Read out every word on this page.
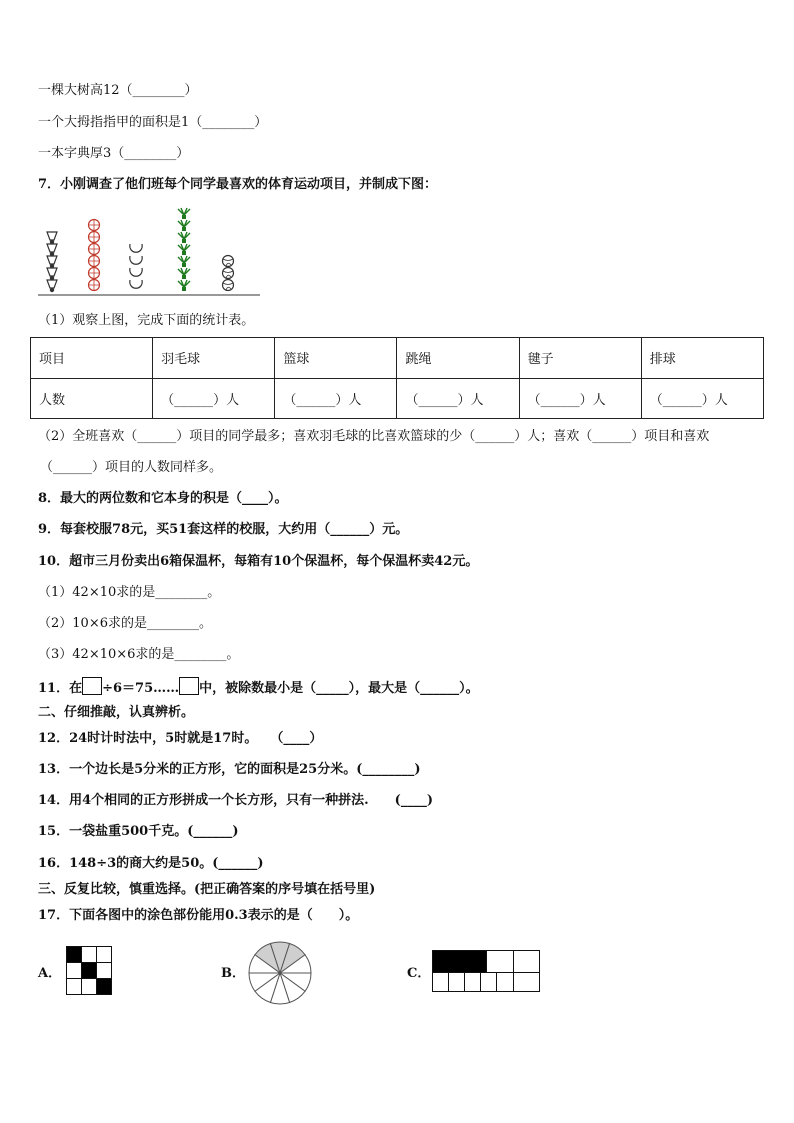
一棵大树高12（________）
一个大拇指指甲的面积是1（________）
一本字典厚3（________）
7．小刚调查了他们班每个同学最喜欢的体育运动项目，并制成下图：
（1）观察上图，完成下面的统计表。
项目	羽毛球	篮球	跳绳	毽子	排球
人数	（______）人	（______）人	（______）人	（______）人	（______）人
（2）全班喜欢（______）项目的同学最多；喜欢羽毛球的比喜欢篮球的少（______）人；喜欢（______）项目和喜欢
（______）项目的人数同样多。
8．最大的两位数和它本身的积是（____）。
9．每套校服78元，买51套这样的校服，大约用（______）元。
10．超市三月份卖出6箱保温杯，每箱有10个保温杯，每个保温杯卖42元。
（1）42×10求的是________。
（2）10×6求的是________。
（3）42×10×6求的是________。
11．在 ÷6＝75…… 中，被除数最小是（_____），最大是（______）。
二、仔细推敲，认真辨析。
12．24时计时法中，5时就是17时。　　（____）
13．一个边长是5分米的正方形，它的面积是25分米。(________)
14．用4个相同的正方形拼成一个长方形，只有一种拼法.　　(____)
15．一袋盐重500千克。(______)
16．148÷3的商大约是50。(______)
三、反复比较，慎重选择。(把正确答案的序号填在括号里)
17．下面各图中的涂色部份能用0.3表示的是（　　）。
A．	B．	C．
